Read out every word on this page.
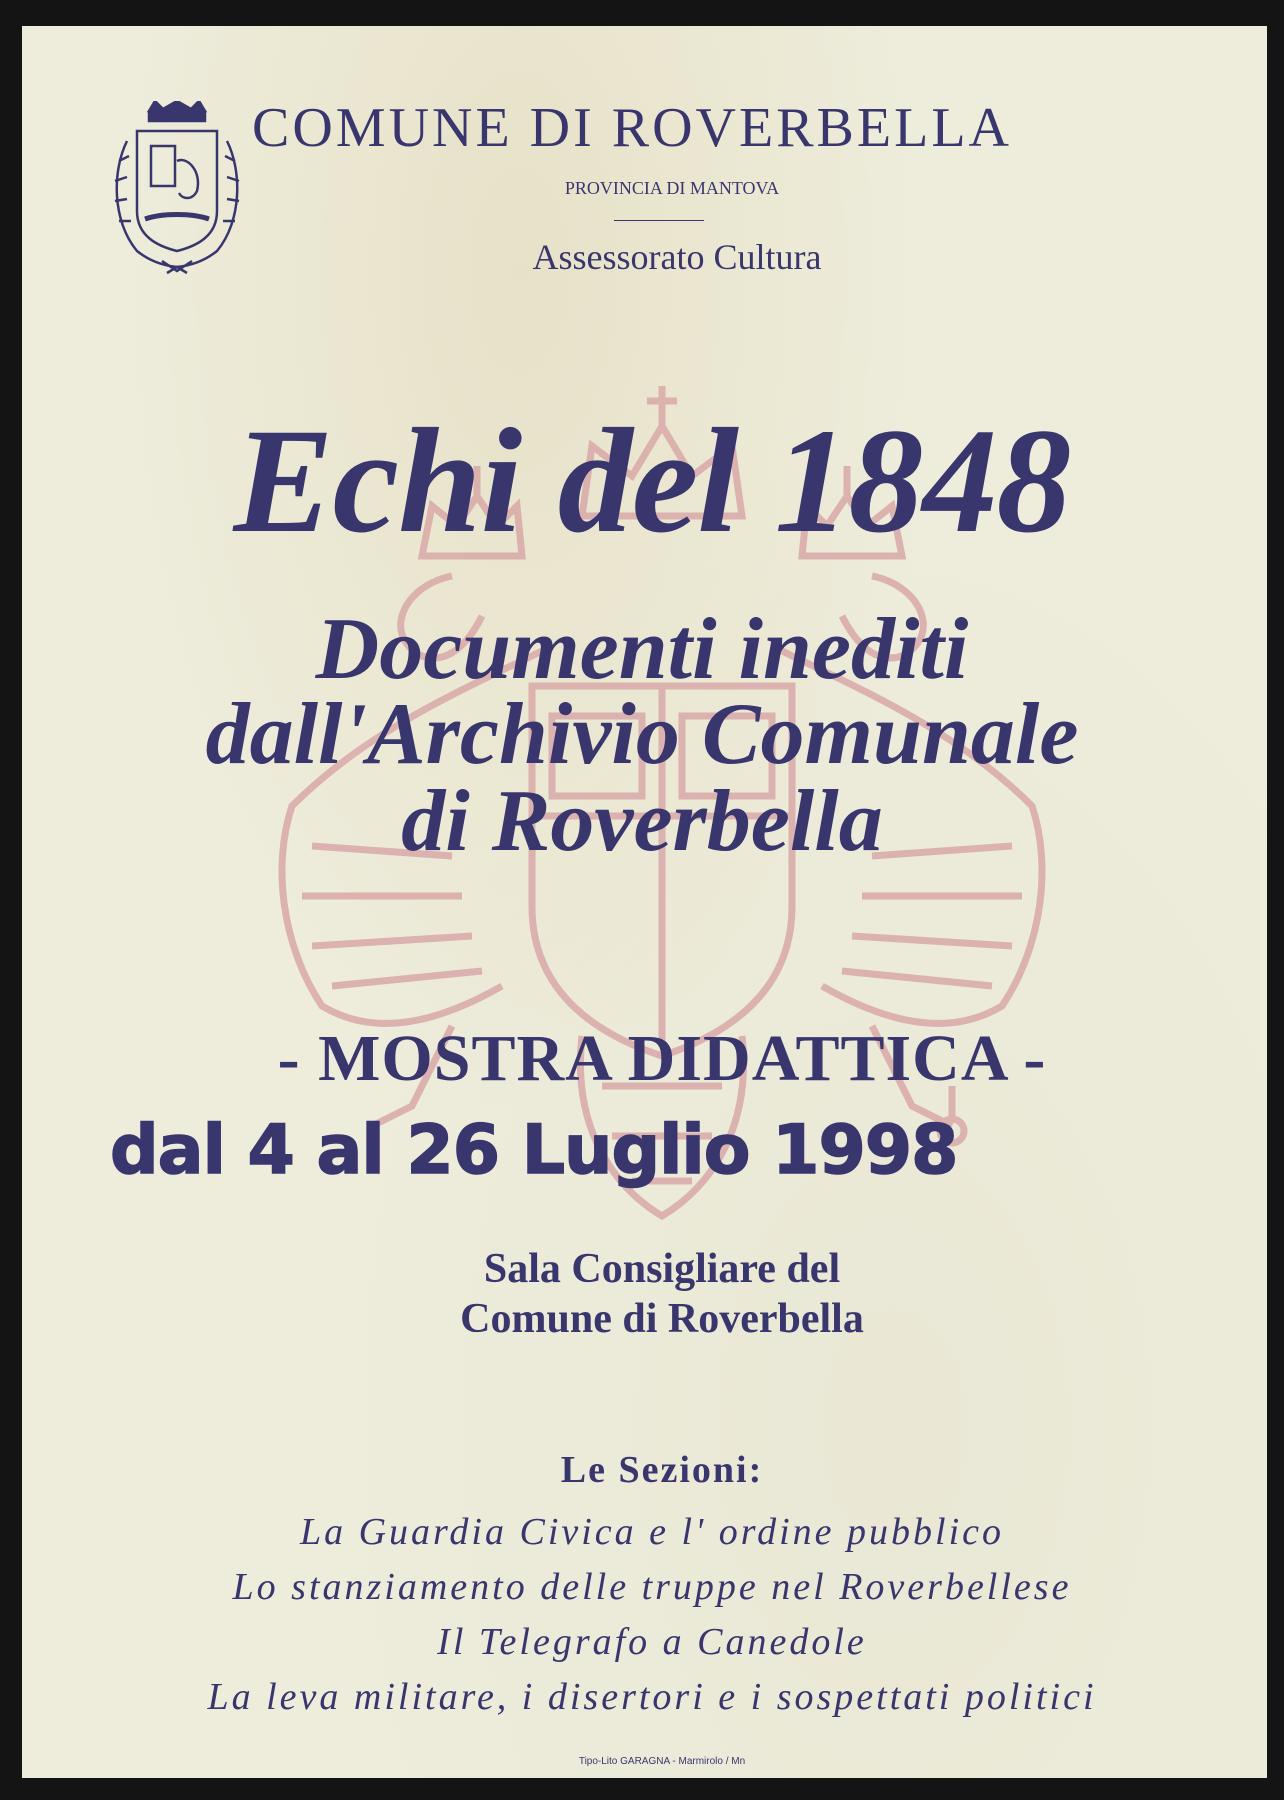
COMUNE DI ROVERBELLA
PROVINCIA DI MANTOVA
Assessorato Cultura
Echi del 1848
Documenti inediti
dall'Archivio Comunale
di Roverbella
- MOSTRA DIDATTICA -
dal 4 al 26 Luglio 1998
Sala Consigliare del
Comune di Roverbella
Le Sezioni:
La Guardia Civica e l' ordine pubblico
Lo stanziamento delle truppe nel Roverbellese
Il Telegrafo a Canedole
La leva militare, i disertori e i sospettati politici
Tipo-Lito GARAGNA - Marmirolo / Mn
